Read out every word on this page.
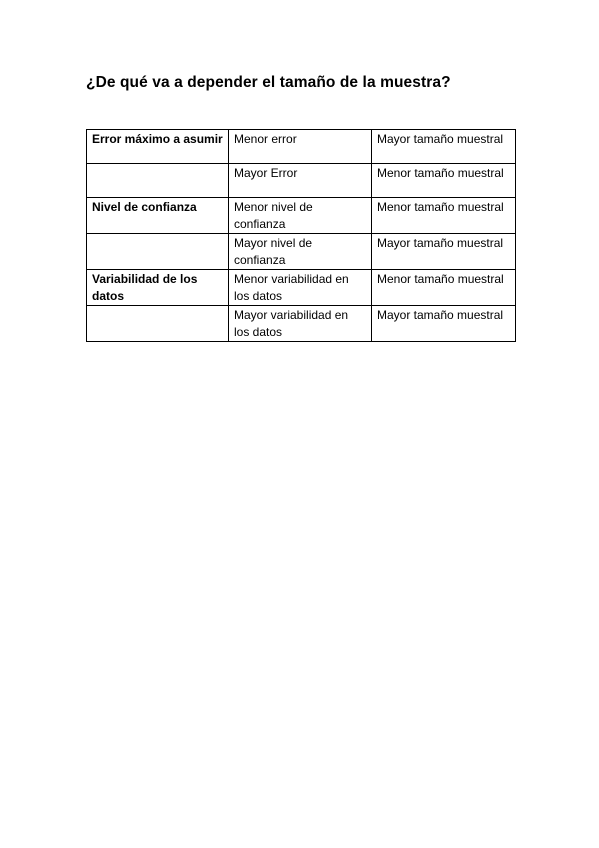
¿De qué va a depender el tamaño de la muestra?
Error máximo a asumir	Menor error	Mayor tamaño muestral
	Mayor Error	Menor tamaño muestral
Nivel de confianza	Menor nivel de confianza	Menor tamaño muestral
	Mayor nivel de confianza	Mayor tamaño muestral
Variabilidad de los datos	Menor variabilidad en los datos	Menor tamaño muestral
	Mayor variabilidad en los datos	Mayor tamaño muestral
